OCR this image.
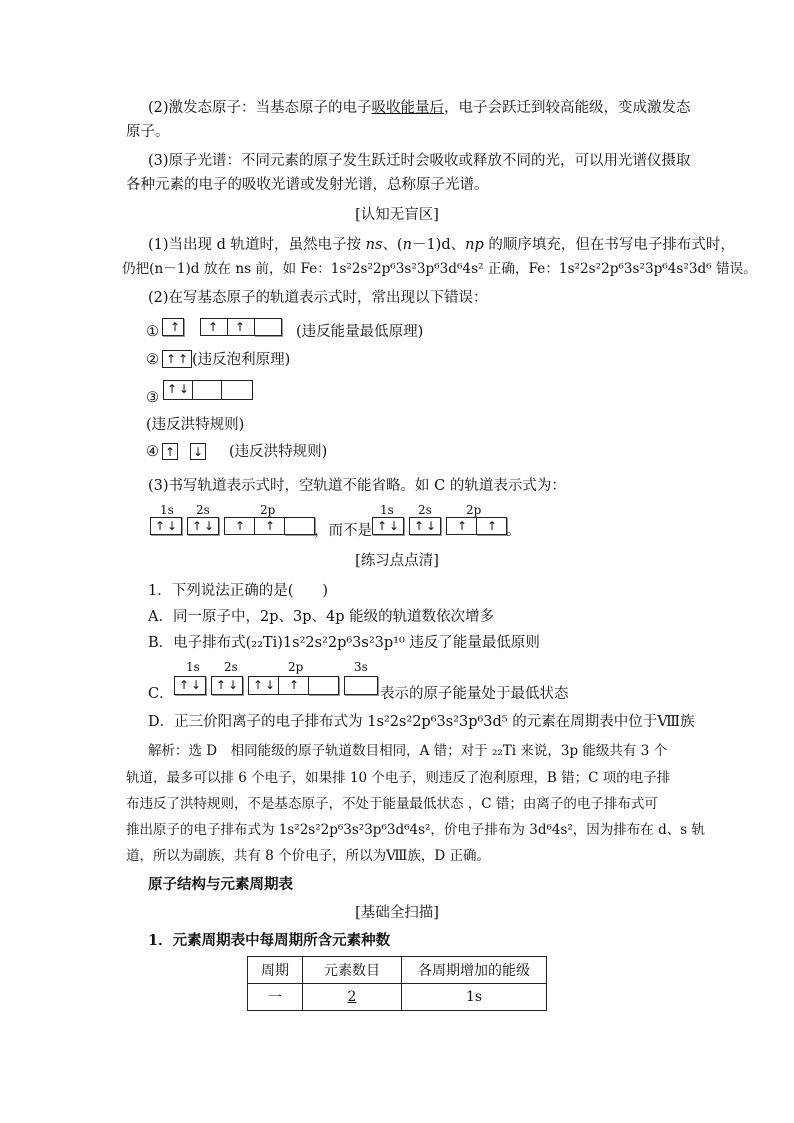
(2)激发态原子：当基态原子的电子吸收能量后，电子会跃迁到较高能级，变成激发态
原子。
(3)原子光谱：不同元素的原子发生跃迁时会吸收或释放不同的光，可以用光谱仪摄取
各种元素的电子的吸收光谱或发射光谱，总称原子光谱。
[认知无盲区]
(1)当出现 d 轨道时，虽然电子按 ns、(n－1)d、np 的顺序填充，但在书写电子排布式时，
仍把(n－1)d 放在 ns 前，如 Fe：1s²2s²2p⁶3s²3p⁶3d⁶4s² 正确，Fe：1s²2s²2p⁶3s²3p⁶4s²3d⁶ 错误。
(2)在写基态原子的轨道表示式时，常出现以下错误：
① ↑ ↑ ↑	(违反能量最低原理)
② ↑ ↑ (违反泡利原理)
↑ ↓
③
(违反洪特规则)
④ ↑ ↓ (违反洪特规则)
(3)书写轨道表示式时，空轨道不能省略。如 C 的轨道表示式为：
1s 2s	2p
↑ ↓ ↑ ↓ ↑ ↑	，而不是
1s 2s	2p
↑ ↓ ↑ ↓ ↑ ↑ 。
[练习点点清]
1．下列说法正确的是(　　)
A．同一原子中，2p、3p、4p 能级的轨道数依次增多
B．电子排布式(₂₂Ti)1s²2s²2p⁶3s²3p¹⁰ 违反了能量最低原则
1s 2s	2p	3s
C．
↑ ↓ ↑ ↓ ↑ ↓ ↑
表示的原子能量处于最低状态
D．正三价阳离子的电子排布式为 1s²2s²2p⁶3s²3p⁶3d⁵ 的元素在周期表中位于Ⅷ族
解析：选 D　相同能级的原子轨道数目相同，A 错；对于 ₂₂Ti 来说，3p 能级共有 3 个
轨道，最多可以排 6 个电子，如果排 10 个电子，则违反了泡利原理，B 错；C 项的电子排
布违反了洪特规则，不是基态原子，不处于能量最低状态 ，C 错；由离子的电子排布式可
推出原子的电子排布式为 1s²2s²2p⁶3s²3p⁶3d⁶4s²，价电子排布为 3d⁶4s²，因为排布在 d、s 轨
道，所以为副族，共有 8 个价电子，所以为Ⅷ族，D 正确。
原子结构与元素周期表
[基础全扫描]
1．元素周期表中每周期所含元素种数
周期	元素数目	各周期增加的能级
一	2	1s
